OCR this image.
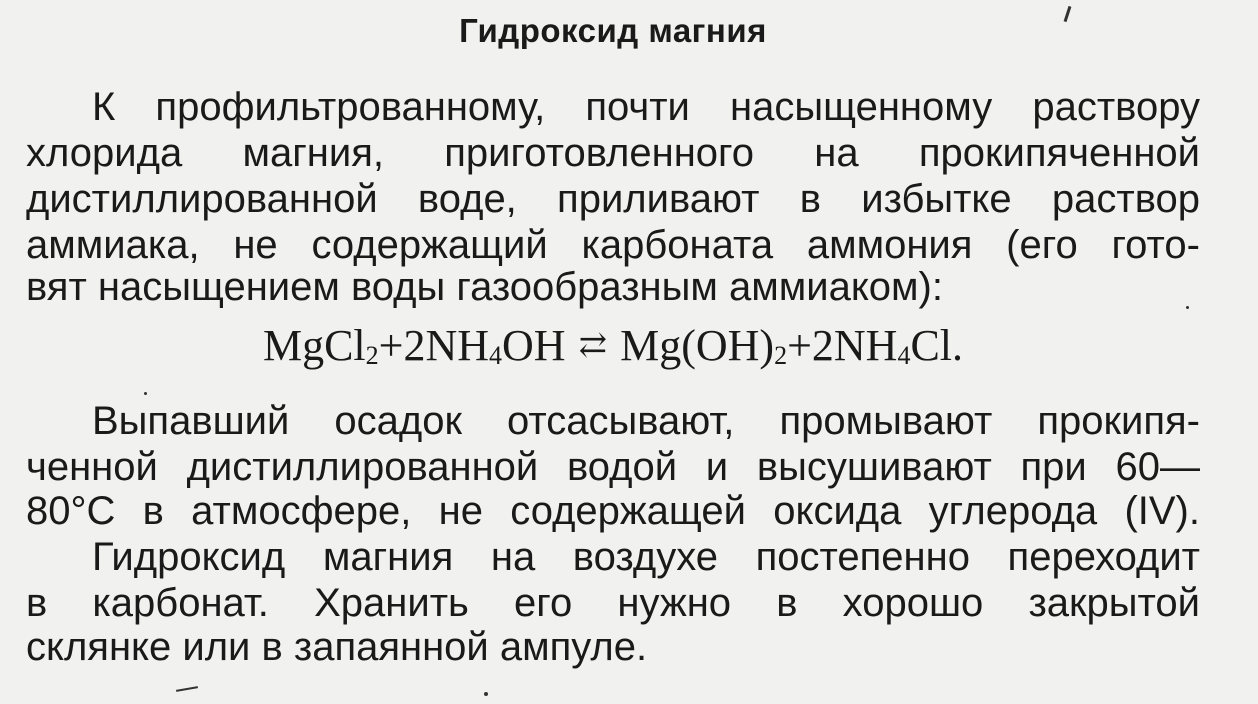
Гидроксид магния
К профильтрованному, почти насыщенному раствору
хлорида магния, приготовленного на прокипяченной
дистиллированной воде, приливают в избытке раствор
аммиака, не содержащий карбоната аммония (его гото-
вят насыщением воды газообразным аммиаком):
$MgCl_2+2NH_4OH$ ⇄ $Mg(OH)_2+2NH_4Cl$.
Выпавший осадок отсасывают, промывают прокипя-
ченной дистиллированной водой и высушивают при 60—
80°C в атмосфере, не содержащей оксида углерода (IV).
Гидроксид магния на воздухе постепенно переходит
в карбонат. Хранить его нужно в хорошо закрытой
склянке или в запаянной ампуле.
